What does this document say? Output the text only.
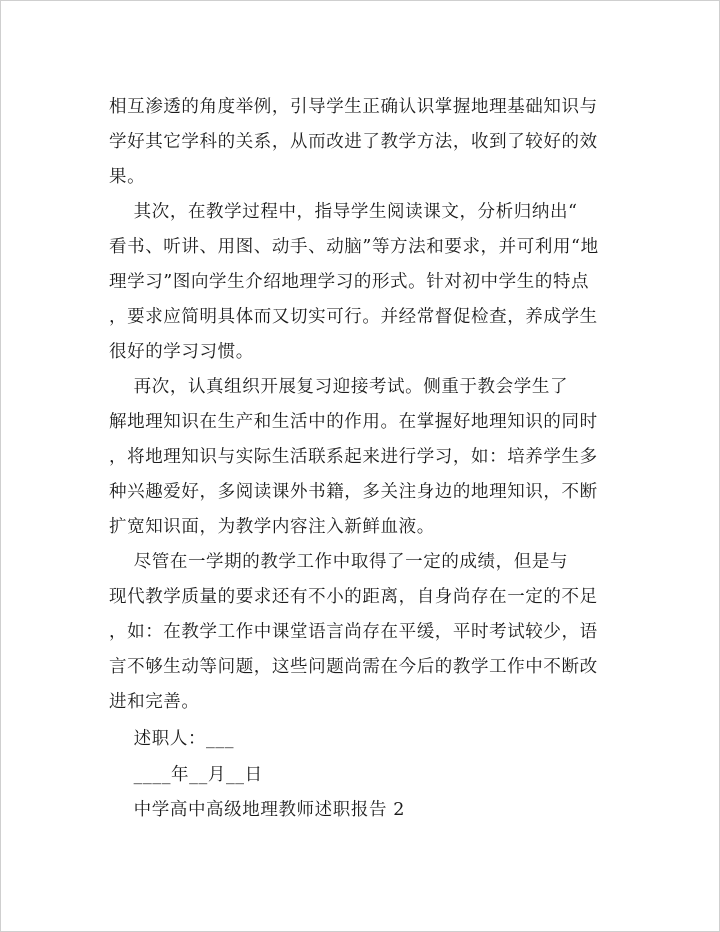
相互渗透的角度举例，引导学生正确认识掌握地理基础知识与
学好其它学科的关系，从而改进了教学方法，收到了较好的效
果。
其次，在教学过程中，指导学生阅读课文，分析归纳出“
看书、听讲、用图、动手、动脑”等方法和要求，并可利用“地
理学习”图向学生介绍地理学习的形式。针对初中学生的特点
，要求应简明具体而又切实可行。并经常督促检查，养成学生
很好的学习习惯。
再次，认真组织开展复习迎接考试。侧重于教会学生了
解地理知识在生产和生活中的作用。在掌握好地理知识的同时
，将地理知识与实际生活联系起来进行学习，如：培养学生多
种兴趣爱好，多阅读课外书籍，多关注身边的地理知识，不断
扩宽知识面，为教学内容注入新鲜血液。
尽管在一学期的教学工作中取得了一定的成绩，但是与
现代教学质量的要求还有不小的距离，自身尚存在一定的不足
，如：在教学工作中课堂语言尚存在平缓，平时考试较少，语
言不够生动等问题，这些问题尚需在今后的教学工作中不断改
进和完善。
述职人：___
____年__月__日
中学高中高级地理教师述职报告 2
